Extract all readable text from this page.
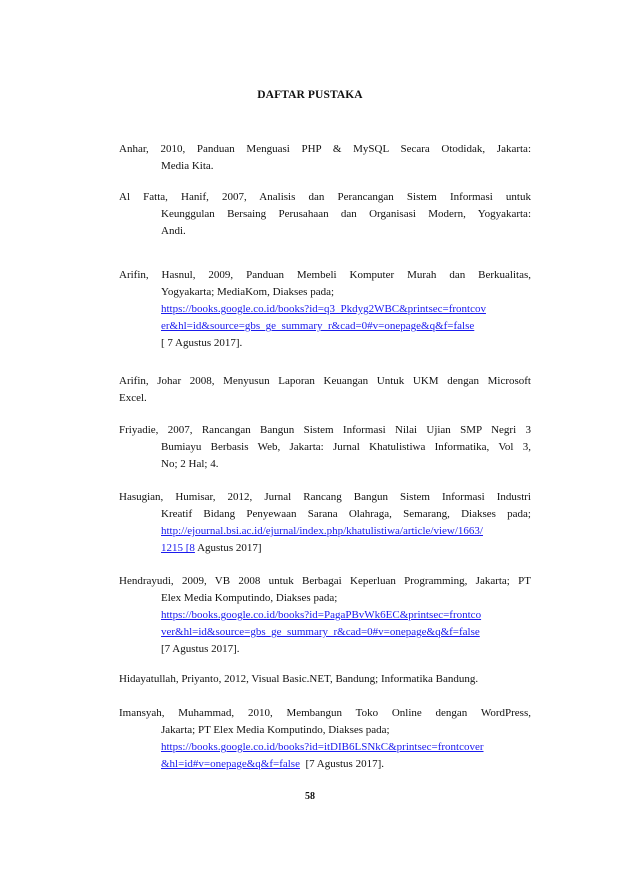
DAFTAR PUSTAKA
Anhar, 2010, Panduan Menguasi PHP & MySQL Secara Otodidak, Jakarta:
Media Kita.
Al Fatta, Hanif, 2007, Analisis dan Perancangan Sistem Informasi untuk
Keunggulan Bersaing Perusahaan dan Organisasi Modern, Yogyakarta:
Andi.
Arifin, Hasnul, 2009, Panduan Membeli Komputer Murah dan Berkualitas,
Yogyakarta; MediaKom, Diakses pada;
https://books.google.co.id/books?id=q3_Pkdyg2WBC&printsec=frontcov
er&hl=id&source=gbs_ge_summary_r&cad=0#v=onepage&q&f=false
[ 7 Agustus 2017].
Arifin, Johar 2008, Menyusun Laporan Keuangan Untuk UKM dengan Microsoft
Excel.
Friyadie, 2007, Rancangan Bangun Sistem Informasi Nilai Ujian SMP Negri 3
Bumiayu Berbasis Web, Jakarta: Jurnal Khatulistiwa Informatika, Vol 3,
No; 2 Hal; 4.
Hasugian, Humisar, 2012, Jurnal Rancang Bangun Sistem Informasi Industri
Kreatif Bidang Penyewaan Sarana Olahraga, Semarang, Diakses pada;
http://ejournal.bsi.ac.id/ejurnal/index.php/khatulistiwa/article/view/1663/
1215 [8 Agustus 2017]
Hendrayudi, 2009, VB 2008 untuk Berbagai Keperluan Programming, Jakarta; PT
Elex Media Komputindo, Diakses pada;
https://books.google.co.id/books?id=PagaPBvWk6EC&printsec=frontco
ver&hl=id&source=gbs_ge_summary_r&cad=0#v=onepage&q&f=false
[7 Agustus 2017].
Hidayatullah, Priyanto, 2012, Visual Basic.NET, Bandung; Informatika Bandung.
Imansyah, Muhammad, 2010, Membangun Toko Online dengan WordPress,
Jakarta; PT Elex Media Komputindo, Diakses pada;
https://books.google.co.id/books?id=itDIB6LSNkC&printsec=frontcover
&hl=id#v=onepage&q&f=false  [7 Agustus 2017].
58
